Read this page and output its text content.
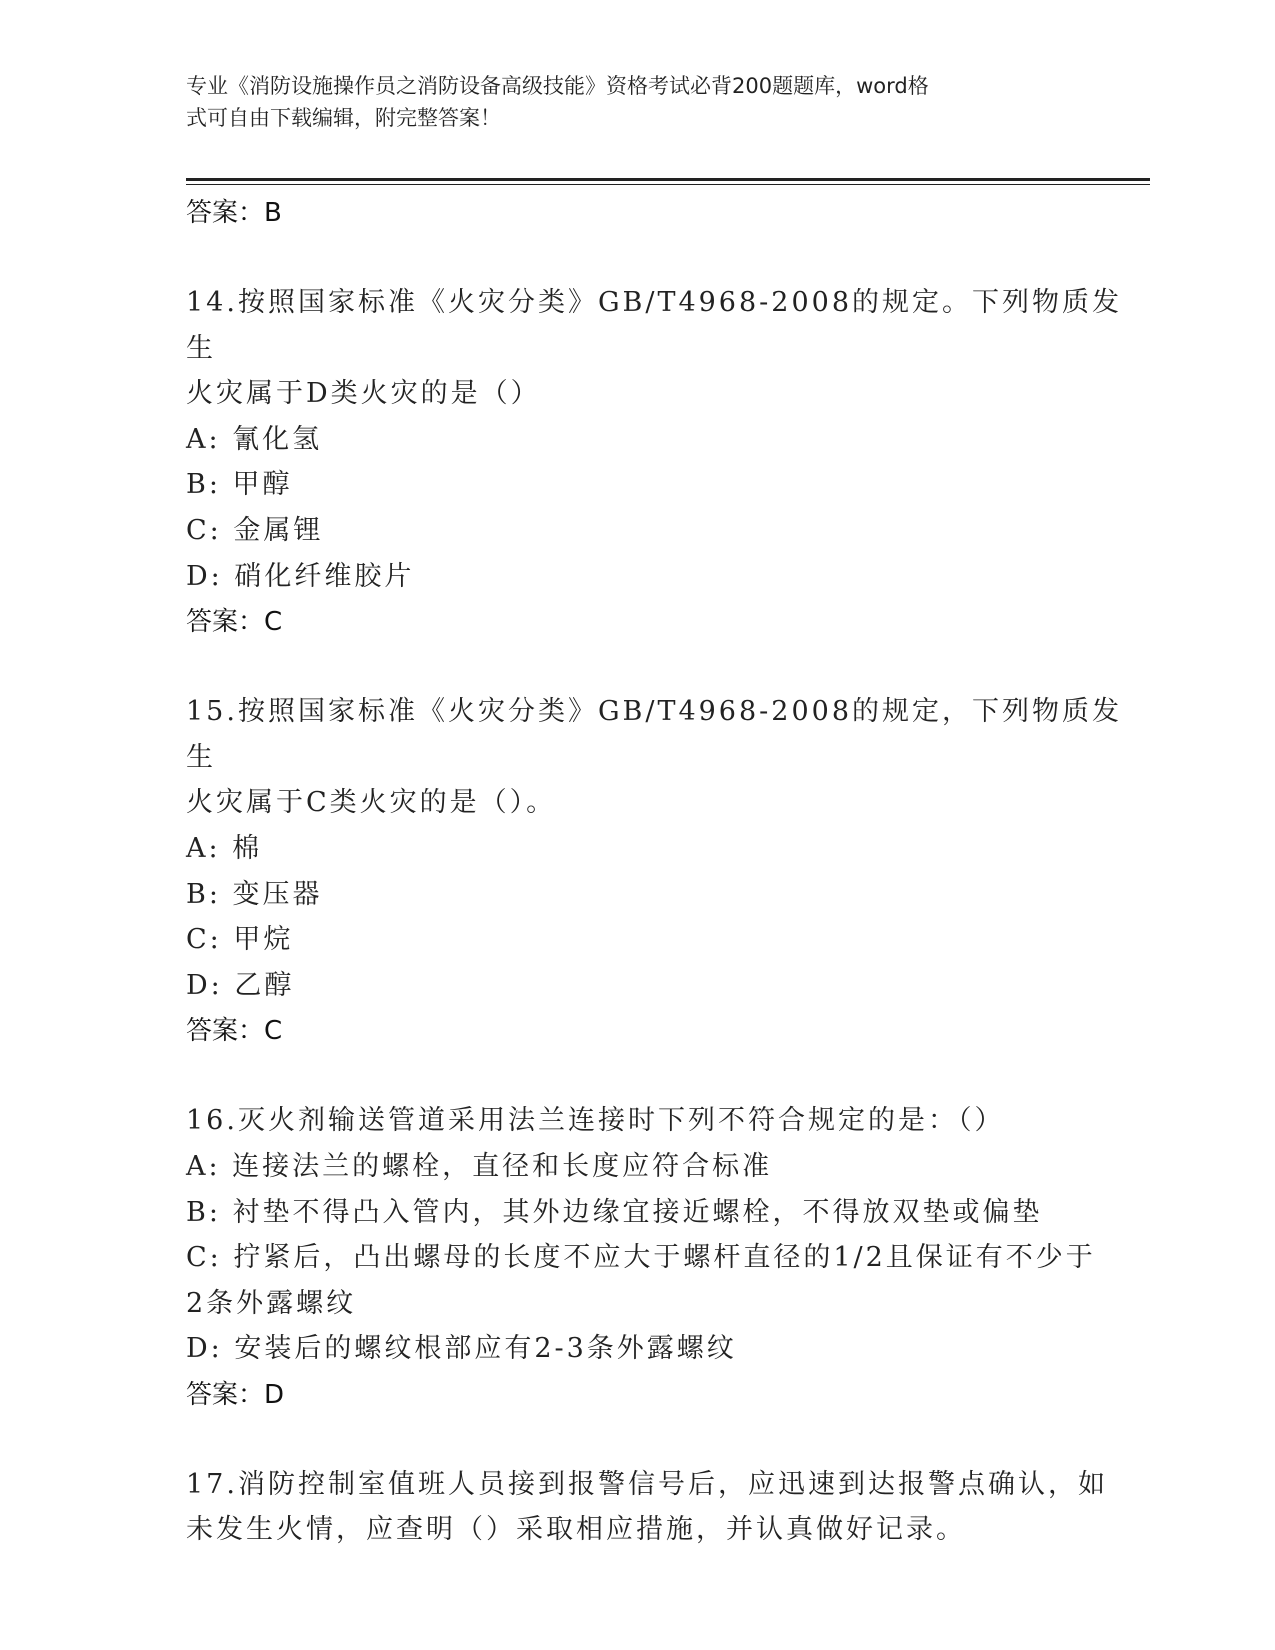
专业《消防设施操作员之消防设备高级技能》资格考试必背200题题库，word格
式可自由下载编辑，附完整答案！
答案：B
14.按照国家标准《火灾分类》GB/T4968-2008的规定。下列物质发生
火灾属于D类火灾的是（）
A: 氰化氢
B: 甲醇
C: 金属锂
D: 硝化纤维胶片
答案：C
15.按照国家标准《火灾分类》GB/T4968-2008的规定，下列物质发生
火灾属于C类火灾的是（）。
A: 棉
B: 变压器
C: 甲烷
D: 乙醇
答案：C
16.灭火剂输送管道采用法兰连接时下列不符合规定的是：（）
A: 连接法兰的螺栓，直径和长度应符合标准
B: 衬垫不得凸入管内，其外边缘宜接近螺栓，不得放双垫或偏垫
C: 拧紧后，凸出螺母的长度不应大于螺杆直径的1/2且保证有不少于
2条外露螺纹
D: 安装后的螺纹根部应有2-3条外露螺纹
答案：D
17.消防控制室值班人员接到报警信号后，应迅速到达报警点确认，如
未发生火情，应查明（）采取相应措施，并认真做好记录。
